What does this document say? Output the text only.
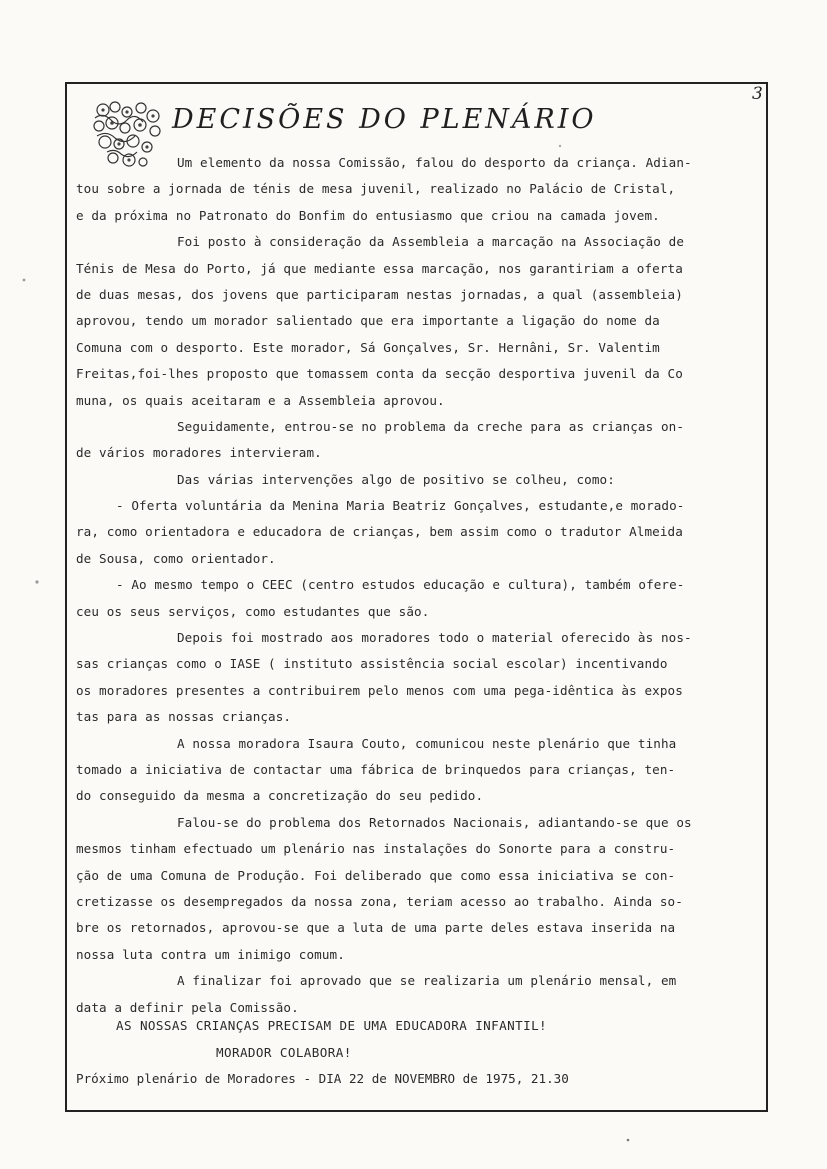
3
DECISÕES DO PLENÁRIO
Um elemento da nossa Comissão, falou do desporto da criança. Adian-
tou sobre a jornada de ténis de mesa juvenil, realizado no Palácio de Cristal,
e da próxima no Patronato do Bonfim do entusiasmo que criou na camada jovem.
Foi posto à consideração da Assembleia a marcação na Associação de
Ténis de Mesa do Porto, já que mediante essa marcação, nos garantiriam a oferta
de duas mesas, dos jovens que participaram nestas jornadas, a qual (assembleia)
aprovou, tendo um morador salientado que era importante a ligação do nome da
Comuna com o desporto. Este morador, Sá Gonçalves, Sr. Hernâni, Sr. Valentim
Freitas,foi-lhes proposto que tomassem conta da secção desportiva juvenil da Co
muna, os quais aceitaram e a Assembleia aprovou.
Seguidamente, entrou-se no problema da creche para as crianças on-
de vários moradores intervieram.
Das várias intervenções algo de positivo se colheu, como:
- Oferta voluntária da Menina Maria Beatriz Gonçalves, estudante,e morado-
ra, como orientadora e educadora de crianças, bem assim como o tradutor Almeida
de Sousa, como orientador.
- Ao mesmo tempo o CEEC (centro estudos educação e cultura), também ofere-
ceu os seus serviços, como estudantes que são.
Depois foi mostrado aos moradores todo o material oferecido às nos-
sas crianças como o IASE ( instituto assistência social escolar) incentivando
os moradores presentes a contribuirem pelo menos com uma pega-idêntica às expos
tas para as nossas crianças.
A nossa moradora Isaura Couto, comunicou neste plenário que tinha
tomado a iniciativa de contactar uma fábrica de brinquedos para crianças, ten-
do conseguido da mesma a concretização do seu pedido.
Falou-se do problema dos Retornados Nacionais, adiantando-se que os
mesmos tinham efectuado um plenário nas instalações do Sonorte para a constru-
ção de uma Comuna de Produção. Foi deliberado que como essa iniciativa se con-
cretizasse os desempregados da nossa zona, teriam acesso ao trabalho. Ainda so-
bre os retornados, aprovou-se que a luta de uma parte deles estava inserida na
nossa luta contra um inimigo comum.
A finalizar foi aprovado que se realizaria um plenário mensal, em
data a definir pela Comissão.
AS NOSSAS CRIANÇAS PRECISAM DE UMA EDUCADORA INFANTIL!
MORADOR COLABORA!
Próximo plenário de Moradores - DIA 22 de NOVEMBRO de 1975, 21.30
